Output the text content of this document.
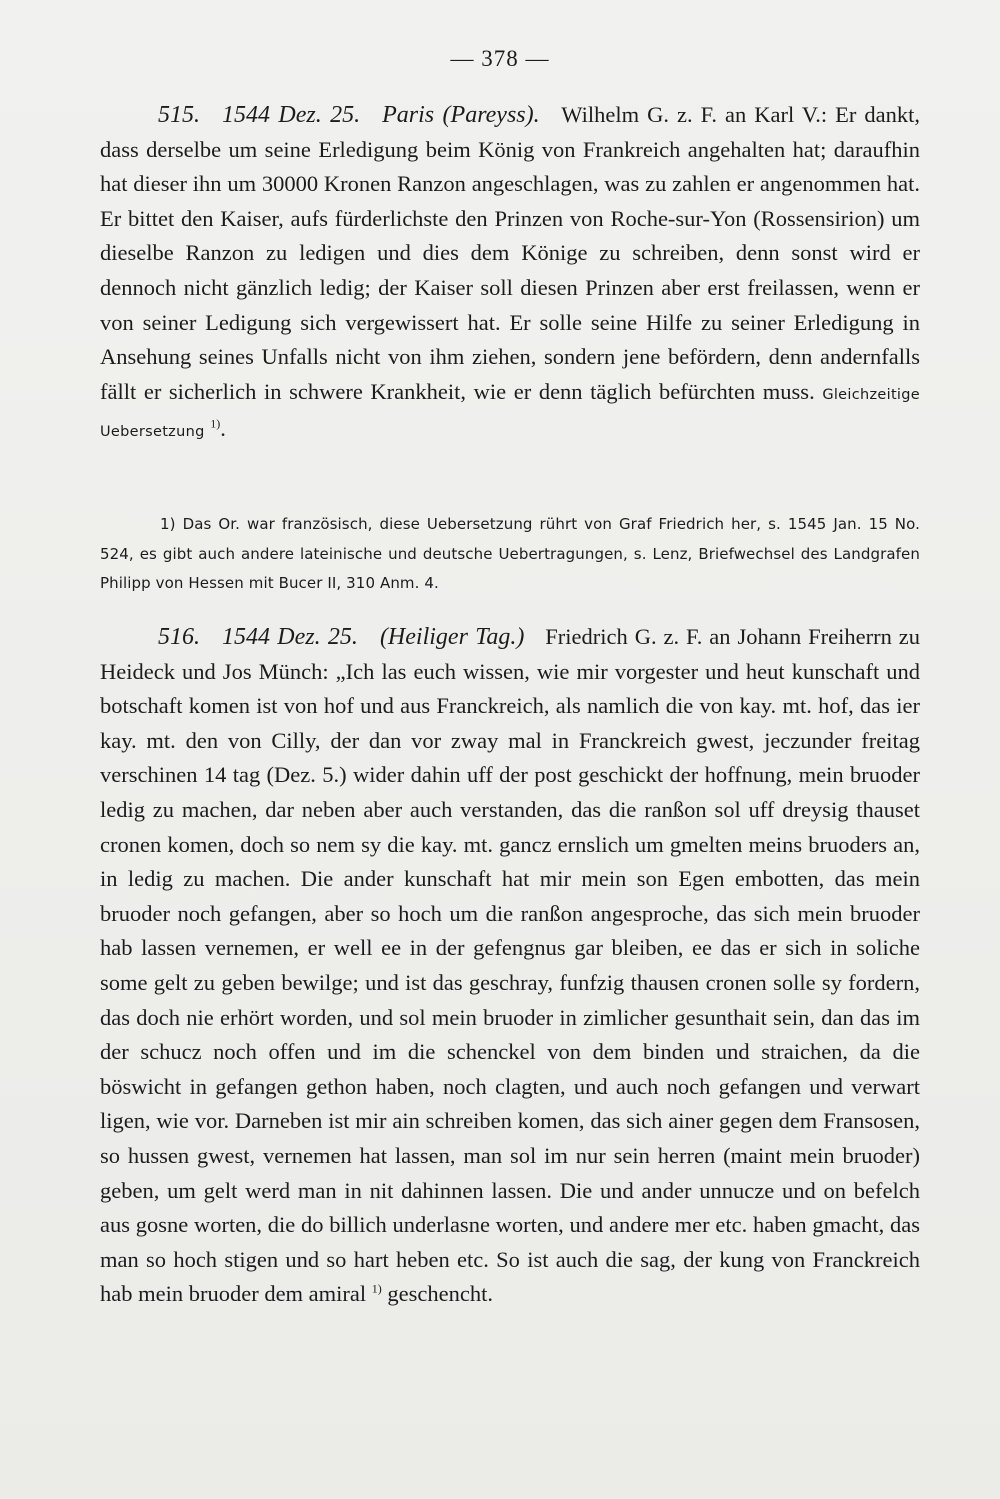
— 378 —

515. 1544 Dez. 25. Paris (Pareyss). Wilhelm G. z. F. an Karl V.: Er dankt, dass derselbe um seine Erledigung beim König von Frankreich angehalten hat; daraufhin hat dieser ihn um 30000 Kronen Ranzon angeschlagen, was zu zahlen er angenommen hat. Er bittet den Kaiser, aufs fürderlichste den Prinzen von Roche-sur-Yon (Rossensirion) um dieselbe Ranzon zu ledigen und dies dem Könige zu schreiben, denn sonst wird er dennoch nicht gänzlich ledig; der Kaiser soll diesen Prinzen aber erst freilassen, wenn er von seiner Ledigung sich vergewissert hat. Er solle seine Hilfe zu seiner Erledigung in Ansehung seines Unfalls nicht von ihm ziehen, sondern jene befördern, denn andernfalls fällt er sicherlich in schwere Krankheit, wie er denn täglich befürchten muss. Gleichzeitige Uebersetzung $^{1)}$.

1) Das Or. war französisch, diese Uebersetzung rührt von Graf Friedrich her, s. 1545 Jan. 15 No. 524, es gibt auch andere lateinische und deutsche Uebertragungen, s. Lenz, Briefwechsel des Landgrafen Philipp von Hessen mit Bucer II, 310 Anm. 4.

516. 1544 Dez. 25. (Heiliger Tag.) Friedrich G. z. F. an Johann Freiherrn zu Heideck und Jos Münch: „Ich las euch wissen, wie mir vorgester und heut kunschaft und botschaft komen ist von hof und aus Franckreich, als namlich die von kay. mt. hof, das ier kay. mt. den von Cilly, der dan vor zway mal in Franckreich gwest, jeczunder freitag verschinen 14 tag (Dez. 5.) wider dahin uff der post geschickt der hoffnung, mein bruoder ledig zu machen, dar neben aber auch verstanden, das die ranßon sol uff dreysig thauset cronen komen, doch so nem sy die kay. mt. gancz ernslich um gmelten meins bruoders an, in ledig zu machen. Die ander kunschaft hat mir mein son Egen embotten, das mein bruoder noch gefangen, aber so hoch um die ranßon angesproche, das sich mein bruoder hab lassen vernemen, er well ee in der gefengnus gar bleiben, ee das er sich in soliche some gelt zu geben bewilge; und ist das geschray, funfzig thausen cronen solle sy fordern, das doch nie erhört worden, und sol mein bruoder in zimlicher gesunthait sein, dan das im der schucz noch offen und im die schenckel von dem binden und straichen, da die böswicht in gefangen gethon haben, noch clagten, und auch noch gefangen und verwart ligen, wie vor. Darneben ist mir ain schreiben komen, das sich ainer gegen dem Fransosen, so hussen gwest, vernemen hat lassen, man sol im nur sein herren (maint mein bruoder) geben, um gelt werd man in nit dahinnen lassen. Die und ander unnucze und on befelch aus gosne worten, die do billich underlasne worten, und andere mer etc. haben gmacht, das man so hoch stigen und so hart heben etc. So ist auch die sag, der kung von Franckreich hab mein bruoder dem amiral $^{1)}$ geschencht.
